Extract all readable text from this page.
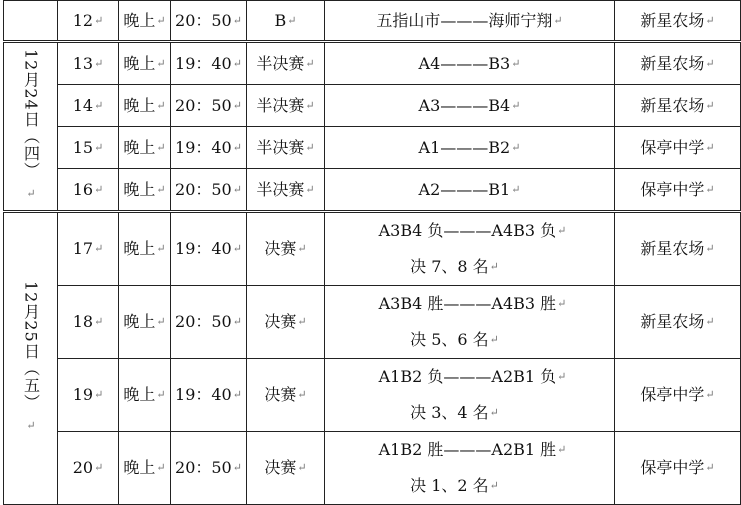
	12↵	晚上↵	20：50↵	B↵	五指山市———海师宁翔↵	新星农场↵
12月24日（四）
↵	13↵	晚上↵	19：40↵	半决赛↵	A4———B3↵	新星农场↵
	14↵	晚上↵	20：50↵	半决赛↵	A3———B4↵	新星农场↵
	15↵	晚上↵	19：40↵	半决赛↵	A1———B2↵	保亭中学↵
	16↵	晚上↵	20：50↵	半决赛↵	A2———B1↵	保亭中学↵
12月25日（五）
↵	17↵	晚上↵	19：40↵	决赛↵	A3B4 负———A4B3 负↵
决 7、8 名↵	新星农场↵
	18↵	晚上↵	20：50↵	决赛↵	A3B4 胜———A4B3 胜↵
决 5、6 名↵	新星农场↵
	19↵	晚上↵	19：40↵	决赛↵	A1B2 负———A2B1 负↵
决 3、4 名↵	保亭中学↵
	20↵	晚上↵	20：50↵	决赛↵	A1B2 胜———A2B1 胜↵
决 1、2 名↵	保亭中学↵
